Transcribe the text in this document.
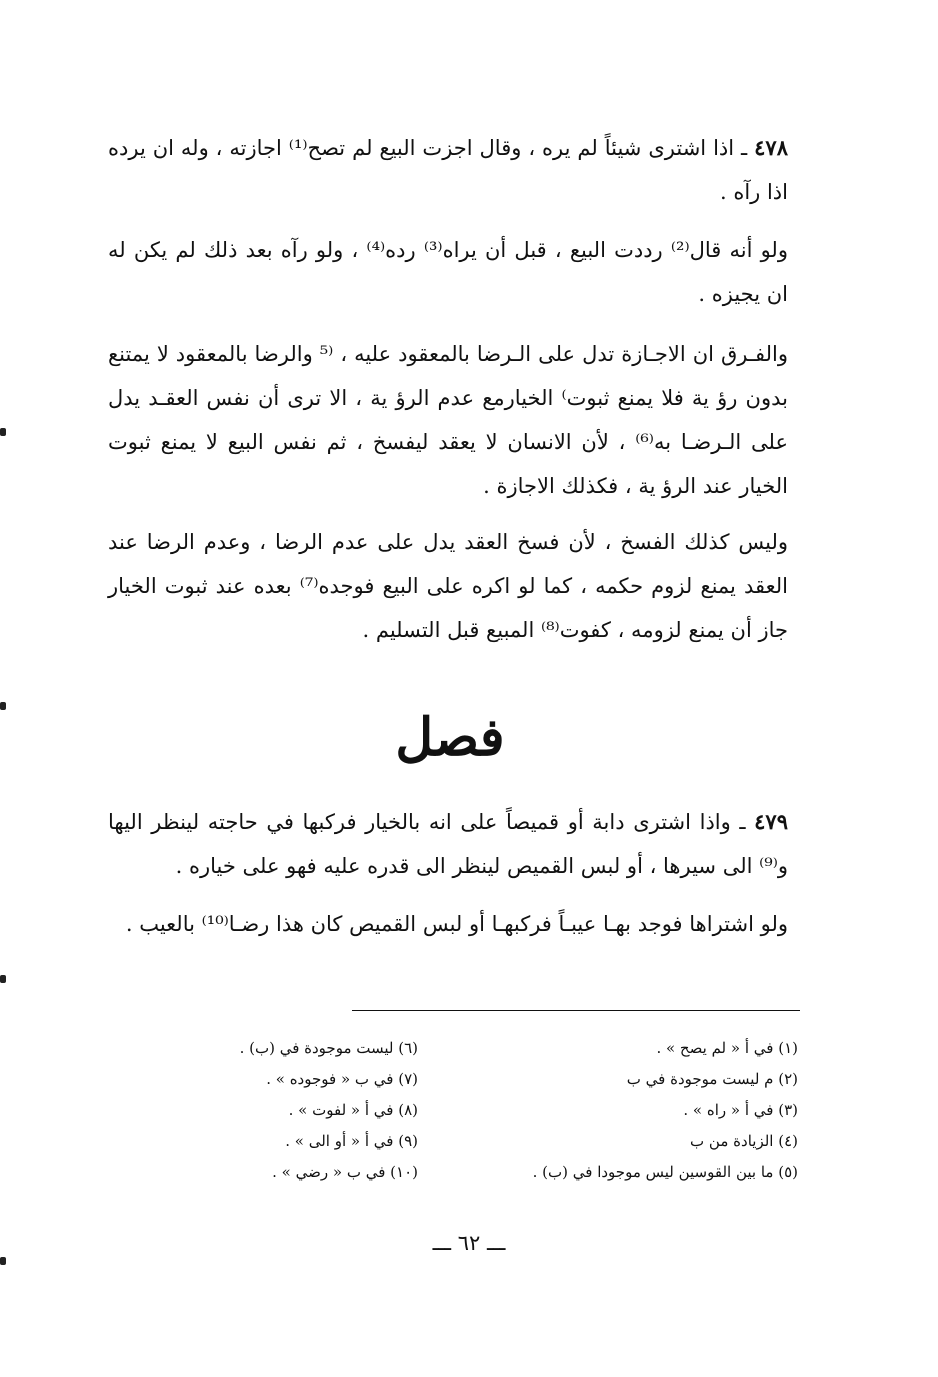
٤٧٨ ـ اذا اشترى شيئاً لم يره ، وقال اجزت البيع لم تصح⁽¹⁾ اجازته ، وله ان يرده اذا رآه .

ولو أنه قال⁽²⁾ رددت البيع ، قبل أن يراه⁽³⁾ رده⁽⁴⁾ ، ولو رآه بعد ذلك لم يكن له ان يجيزه .

والفـرق ان الاجـازة تدل على الـرضا بالمعقود عليه ، ⁽⁵ والرضا بالمعقود لا يمتنع بدون رؤ ية فلا يمنع ثبوت⁾ الخيارمع عدم الرؤ ية ، الا ترى أن نفس العقـد يدل على الـرضـا به⁽⁶⁾ ، لأن الانسان لا يعقد ليفسخ ، ثم نفس البيع لا يمنع ثبوت الخيار عند الرؤ ية ، فكذلك الاجازة .

وليس كذلك الفسخ ، لأن فسخ العقد يدل على عدم الرضا ، وعدم الرضا عند العقد يمنع لزوم حكمه ، كما لو اكره على البيع فوجده⁽⁷⁾ بعده عند ثبوت الخيار جاز أن يمنع لزومه ، كفوت⁽⁸⁾ المبيع قبل التسليم .

فصل

٤٧٩ ـ واذا اشترى دابة أو قميصاً على انه بالخيار فركبها في حاجته لينظر اليها و⁽⁹⁾ الى سيرها ، أو لبس القميص لينظر الى قدره عليه فهو على خياره .

ولو اشتراها فوجد بهـا عيبـاً فركبهـا أو لبس القميص كان هذا رضـا⁽¹⁰⁾ بالعيب .

(١) في أ « لم يصح » .
(٢) م ليست موجودة في ب
(٣) في أ « راه » .
(٤) الزيادة من ب
(٥) ما بين القوسين ليس موجودا في (ب) .
(٦) ليست موجودة في (ب) .
(٧) في ب « فوجوده » .
(٨) في أ « لفوت » .
(٩) في أ « أو الى » .
(١٠) في ب « رضي » .
ـــ ٦٢ ـــ
